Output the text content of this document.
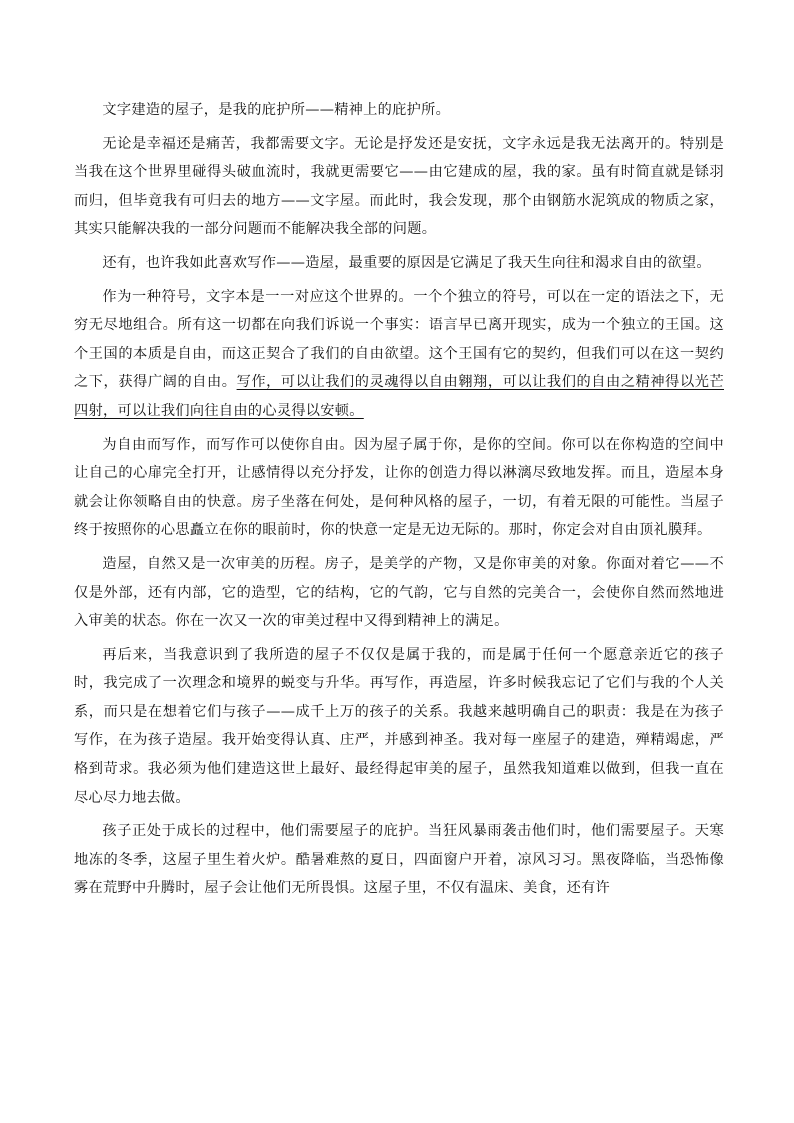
文字建造的屋子，是我的庇护所——精神上的庇护所。

无论是幸福还是痛苦，我都需要文字。无论是抒发还是安抚，文字永远是我无法离开的。特别是当我在这个世界里碰得头破血流时，我就更需要它——由它建成的屋，我的家。虽有时简直就是铩羽而归，但毕竟我有可归去的地方——文字屋。而此时，我会发现，那个由钢筋水泥筑成的物质之家，其实只能解决我的一部分问题而不能解决我全部的问题。

还有，也许我如此喜欢写作——造屋，最重要的原因是它满足了我天生向往和渴求自由的欲望。

作为一种符号，文字本是一一对应这个世界的。一个个独立的符号，可以在一定的语法之下，无穷无尽地组合。所有这一切都在向我们诉说一个事实：语言早已离开现实，成为一个独立的王国。这个王国的本质是自由，而这正契合了我们的自由欲望。这个王国有它的契约，但我们可以在这一契约之下，获得广阔的自由。写作，可以让我们的灵魂得以自由翱翔，可以让我们的自由之精神得以光芒四射，可以让我们向往自由的心灵得以安顿。

为自由而写作，而写作可以使你自由。因为屋子属于你，是你的空间。你可以在你构造的空间中让自己的心扉完全打开，让感情得以充分抒发，让你的创造力得以淋漓尽致地发挥。而且，造屋本身就会让你领略自由的快意。房子坐落在何处，是何种风格的屋子，一切，有着无限的可能性。当屋子终于按照你的心思矗立在你的眼前时，你的快意一定是无边无际的。那时，你定会对自由顶礼膜拜。

造屋，自然又是一次审美的历程。房子，是美学的产物，又是你审美的对象。你面对着它——不仅是外部，还有内部，它的造型，它的结构，它的气韵，它与自然的完美合一，会使你自然而然地进入审美的状态。你在一次又一次的审美过程中又得到精神上的满足。

再后来，当我意识到了我所造的屋子不仅仅是属于我的，而是属于任何一个愿意亲近它的孩子时，我完成了一次理念和境界的蜕变与升华。再写作，再造屋，许多时候我忘记了它们与我的个人关系，而只是在想着它们与孩子——成千上万的孩子的关系。我越来越明确自己的职责：我是在为孩子写作，在为孩子造屋。我开始变得认真、庄严，并感到神圣。我对每一座屋子的建造，殚精竭虑，严格到苛求。我必须为他们建造这世上最好、最经得起审美的屋子，虽然我知道难以做到，但我一直在尽心尽力地去做。

孩子正处于成长的过程中，他们需要屋子的庇护。当狂风暴雨袭击他们时，他们需要屋子。天寒地冻的冬季，这屋子里生着火炉。酷暑难熬的夏日，四面窗户开着，凉风习习。黑夜降临，当恐怖像雾在荒野中升腾时，屋子会让他们无所畏惧。这屋子里，不仅有温床、美食，还有许
